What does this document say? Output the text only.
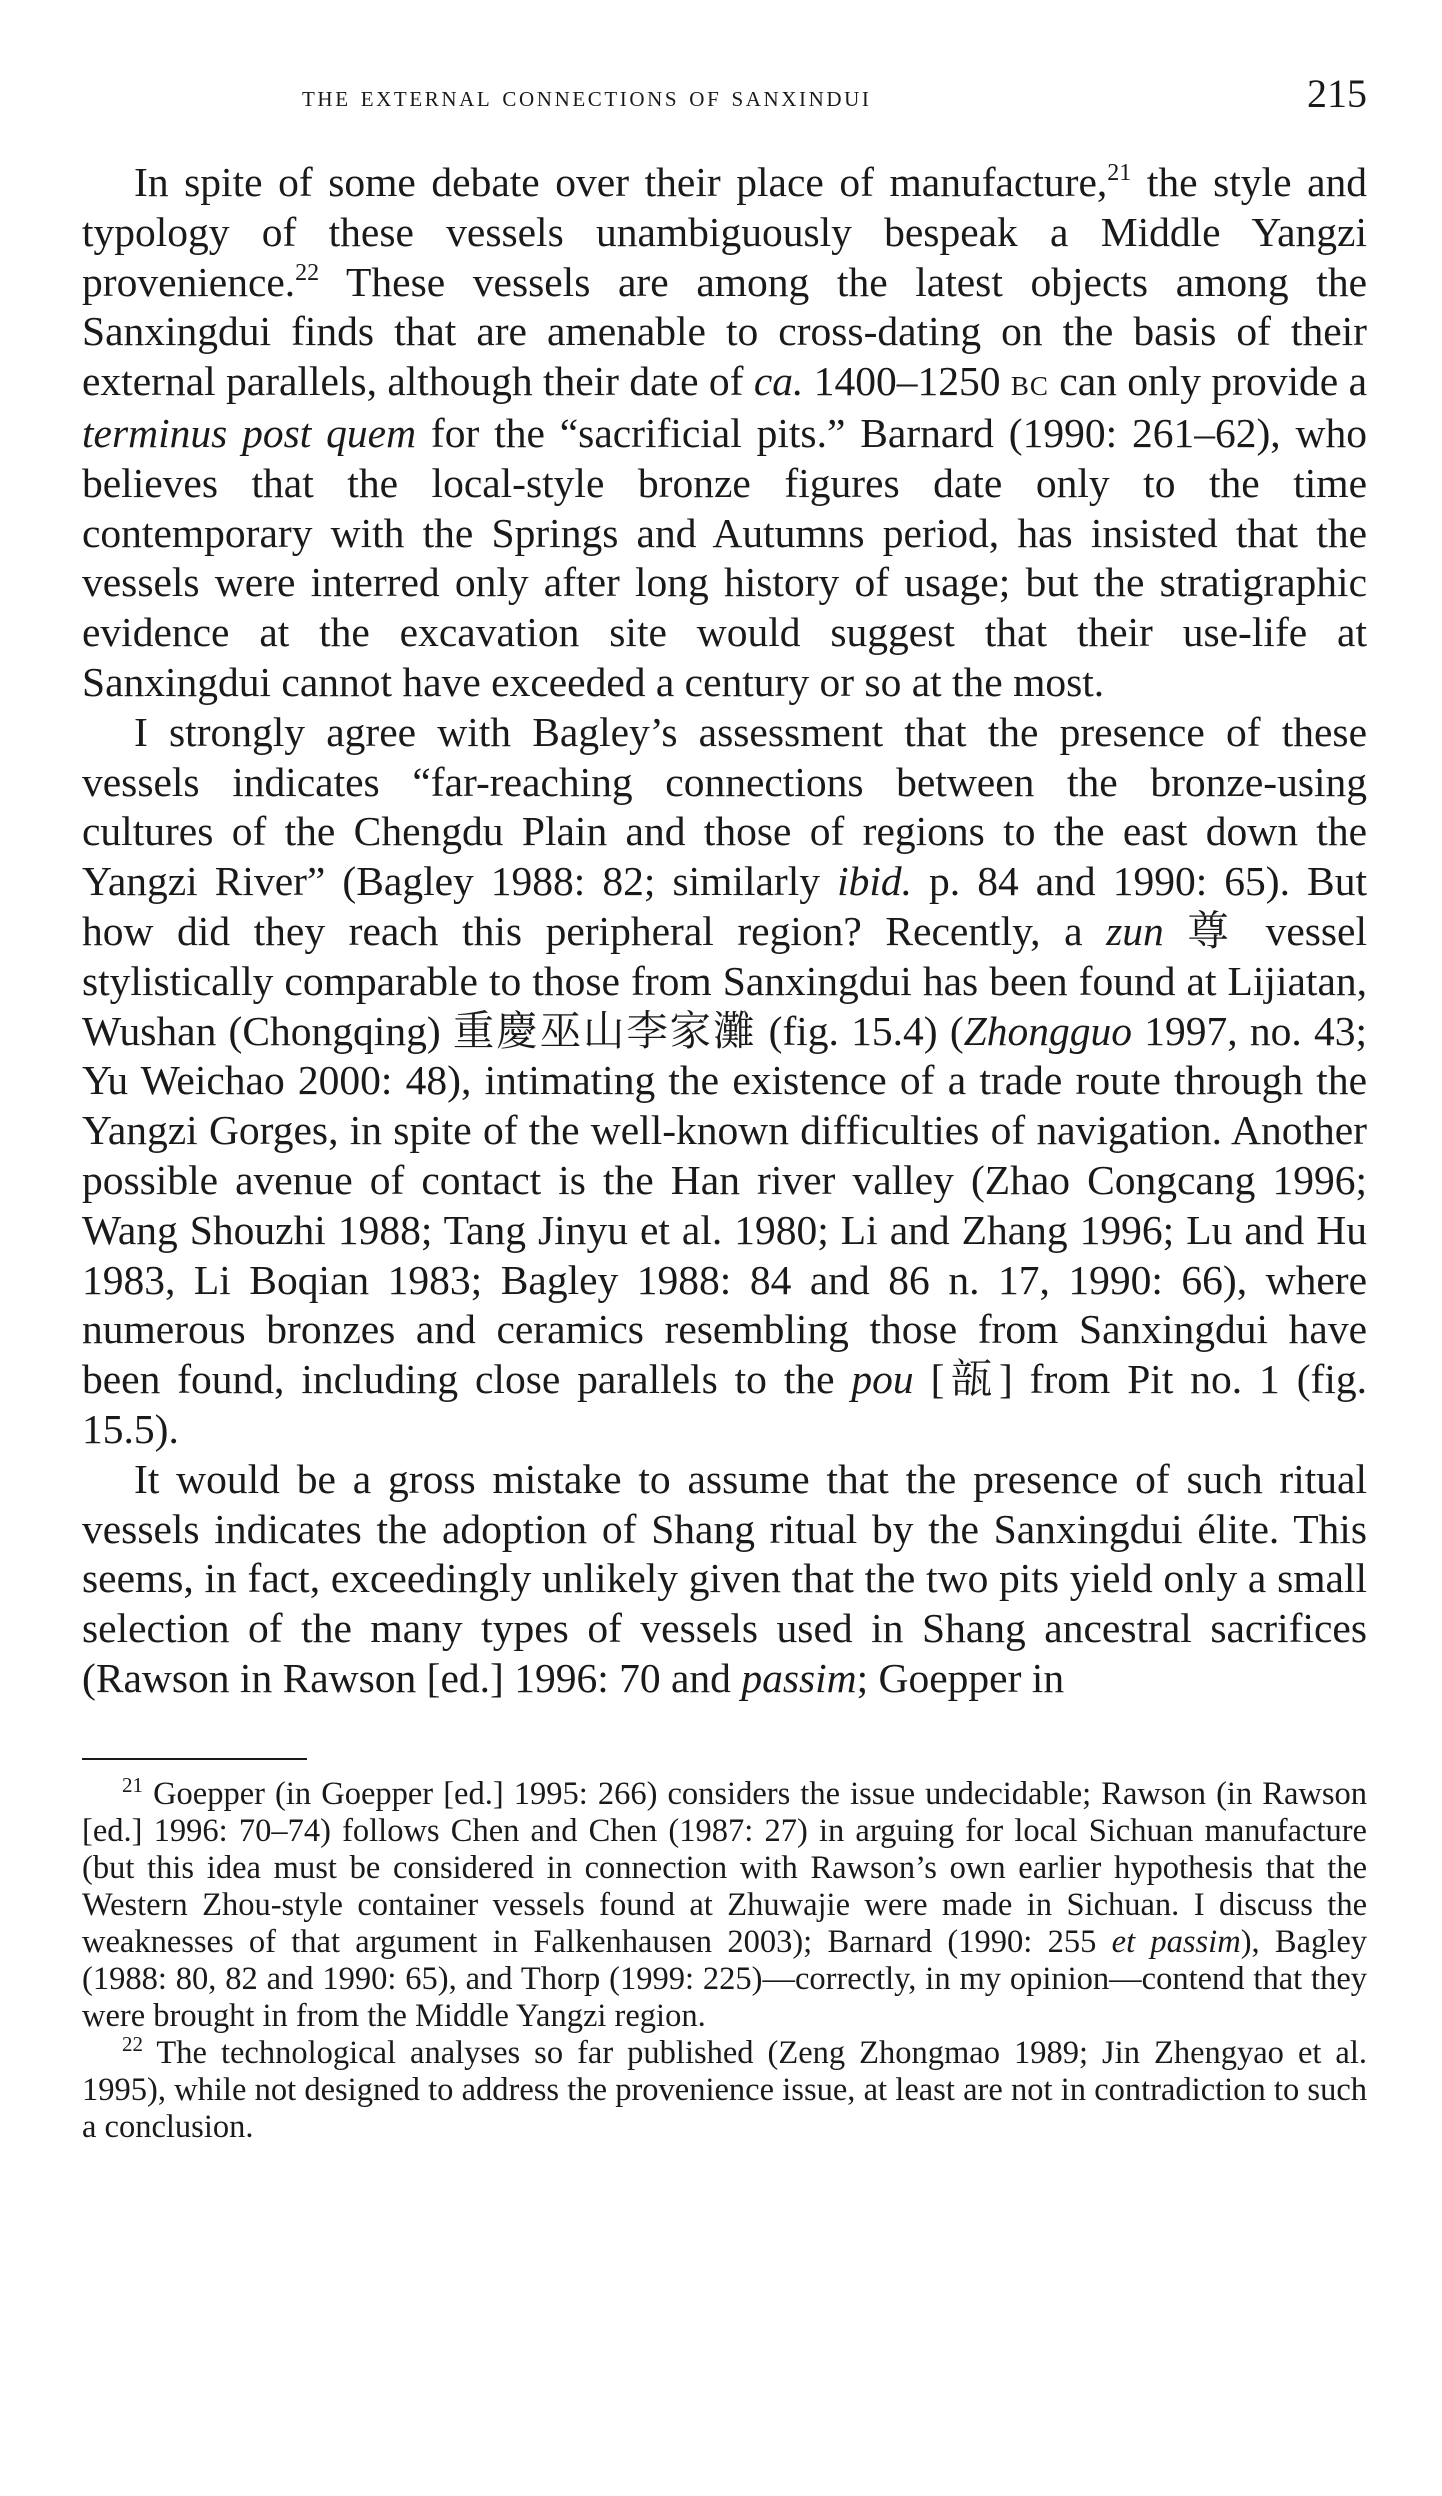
the external connections of sanxindui	215

In spite of some debate over their place of manufacture,$^{21}$ the style and typology of these vessels unambiguously bespeak a Middle Yangzi provenience.$^{22}$ These vessels are among the latest objects among the Sanxingdui finds that are amenable to cross-dating on the basis of their external parallels, although their date of ca. 1400–1250 bc can only provide a terminus post quem for the “sacrificial pits.” Barnard (1990: 261–62), who believes that the local-style bronze figures date only to the time contemporary with the Springs and Autumns period, has insisted that the vessels were interred only after long history of usage; but the stratigraphic evidence at the excavation site would suggest that their use-life at Sanxingdui cannot have exceeded a century or so at the most.

I strongly agree with Bagley’s assessment that the presence of these vessels indicates “far-reaching connections between the bronze-using cultures of the Chengdu Plain and those of regions to the east down the Yangzi River” (Bagley 1988: 82; similarly ibid. p. 84 and 1990: 65). But how did they reach this peripheral region? Recently, a zun 尊 vessel stylistically comparable to those from Sanxingdui has been found at Lijiatan, Wushan (Chongqing) 重慶巫山李家灘 (fig. 15.4) (Zhongguo 1997, no. 43; Yu Weichao 2000: 48), intimating the existence of a trade route through the Yangzi Gorges, in spite of the well-known difficulties of navigation. Another possible avenue of contact is the Han river valley (Zhao Congcang 1996; Wang Shouzhi 1988; Tang Jinyu et al. 1980; Li and Zhang 1996; Lu and Hu 1983, Li Boqian 1983; Bagley 1988: 84 and 86 n. 17, 1990: 66), where numerous bronzes and ceramics resembling those from Sanxingdui have been found, including close parallels to the pou [瓿] from Pit no. 1 (fig. 15.5).

It would be a gross mistake to assume that the presence of such ritual vessels indicates the adoption of Shang ritual by the Sanxingdui élite. This seems, in fact, exceedingly unlikely given that the two pits yield only a small selection of the many types of vessels used in Shang ancestral sacrifices (Rawson in Rawson [ed.] 1996: 70 and passim; Goepper in

$^{21}$ Goepper (in Goepper [ed.] 1995: 266) considers the issue undecidable; Rawson (in Rawson [ed.] 1996: 70–74) follows Chen and Chen (1987: 27) in arguing for local Sichuan manufacture (but this idea must be considered in connection with Rawson’s own earlier hypothesis that the Western Zhou-style container vessels found at Zhuwajie were made in Sichuan. I discuss the weaknesses of that argument in Falkenhausen 2003); Barnard (1990: 255 et passim), Bagley (1988: 80, 82 and 1990: 65), and Thorp (1999: 225)—correctly, in my opinion—contend that they were brought in from the Middle Yangzi region.

$^{22}$ The technological analyses so far published (Zeng Zhongmao 1989; Jin Zhengyao et al. 1995), while not designed to address the provenience issue, at least are not in contradiction to such a conclusion.
